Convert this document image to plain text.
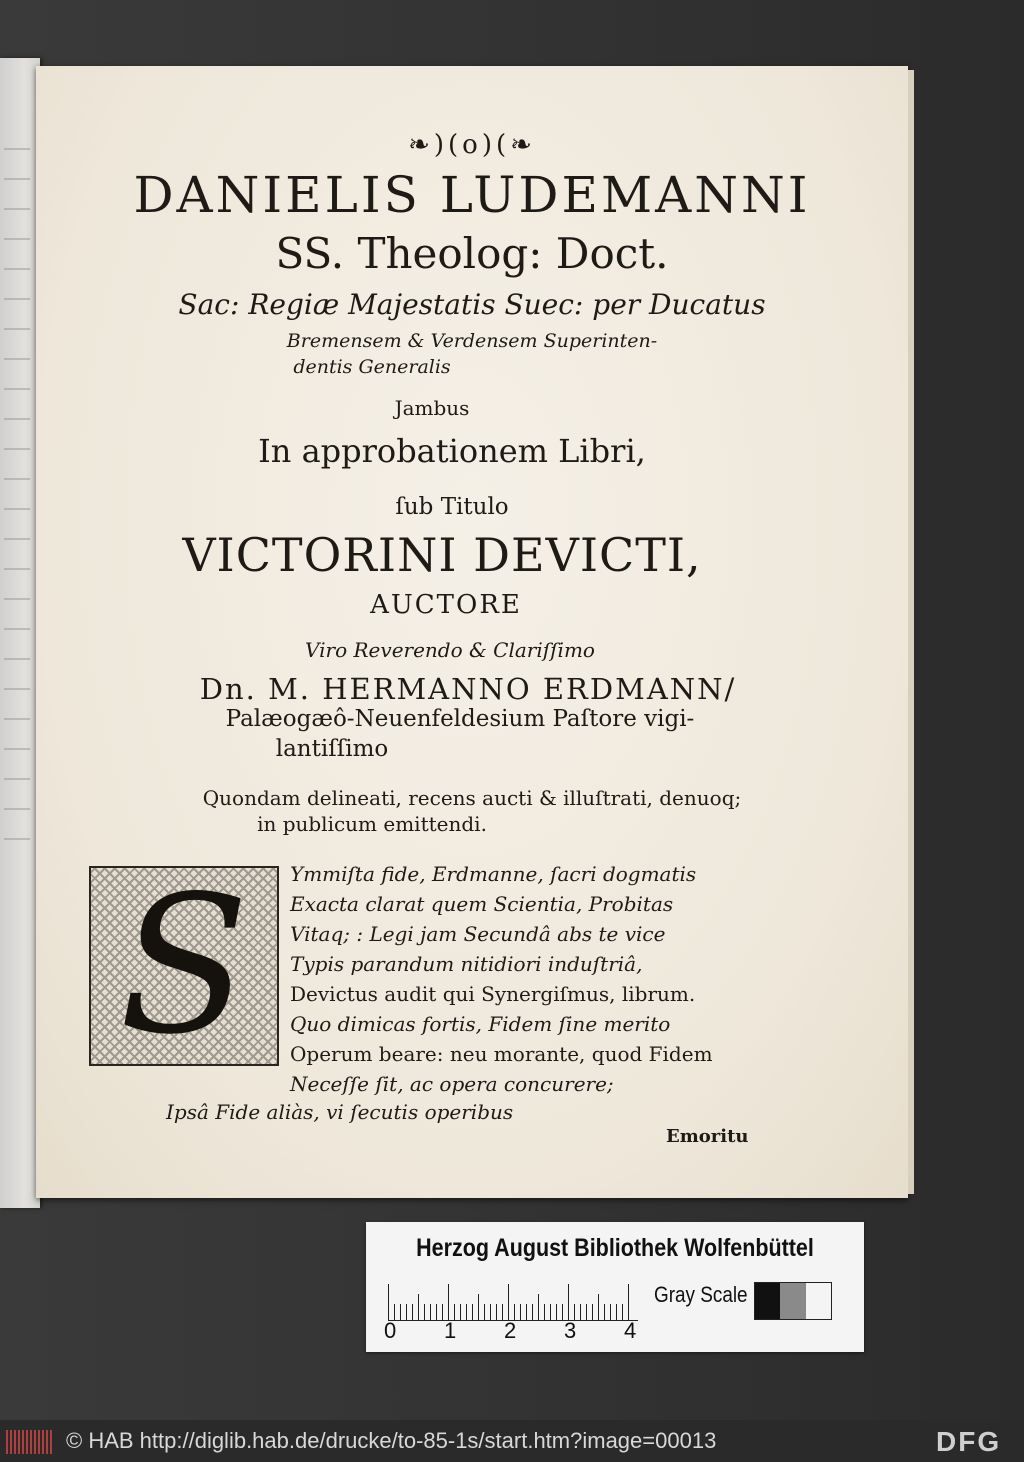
❧)(o)(❧
DANIELIS LUDEMANNI
SS. Theolog: Doct.
Sac: Regiæ Majestatis Suec: per Ducatus
Bremensem & Verdensem Superinten-
dentis Generalis
Jambus
In approbationem Libri,
ſub Titulo
VICTORINI DEVICTI,
AUCTORE
Viro Reverendo & Clariſſimo
Dn. M. HERMANNO ERDMANN/
Palæogæô-Neuenfeldesium Paſtore vigi-
lantiſſimo
Quondam delineati, recens aucti & illuſtrati, denuoq;
in publicum emittendi.
S	Ymmiſta fide, Erdmanne, ſacri dogmatis
Exacta clarat quem Scientia, Probitas
Vitaq; : Legi jam Secundâ abs te vice
Typis parandum nitidiori induſtriâ,
Devictus audit qui Synergiſmus, librum.
Quo dimicas fortis, Fidem ſine merito
Operum beare: neu morante, quod Fidem
Neceſſe ſit, ac opera concurere;
Ipsâ Fide aliàs, vi ſecutis operibus
Emoritu
Herzog August Bibliothek Wolfenbüttel
0 1 2 3 4
Gray Scale
© HAB http://diglib.hab.de/drucke/to-85-1s/start.htm?image=00013	DFG
